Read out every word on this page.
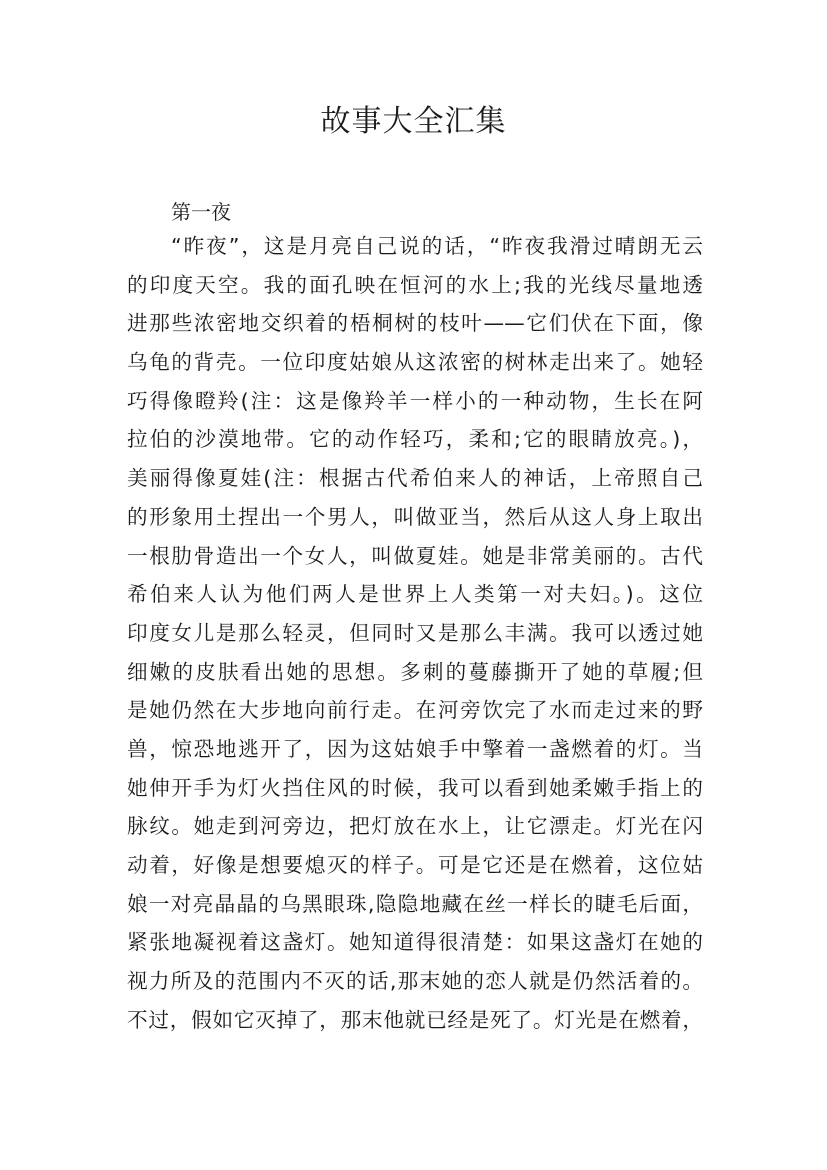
故事大全汇集
第一夜
“昨夜”，这是月亮自己说的话，“昨夜我滑过晴朗无云
的印度天空。我的面孔映在恒河的水上;我的光线尽量地透
进那些浓密地交织着的梧桐树的枝叶——它们伏在下面，像
乌龟的背壳。一位印度姑娘从这浓密的树林走出来了。她轻
巧得像瞪羚(注：这是像羚羊一样小的一种动物，生长在阿
拉伯的沙漠地带。它的动作轻巧，柔和;它的眼睛放亮。)，
美丽得像夏娃(注：根据古代希伯来人的神话，上帝照自己
的形象用土捏出一个男人，叫做亚当，然后从这人身上取出
一根肋骨造出一个女人，叫做夏娃。她是非常美丽的。古代
希伯来人认为他们两人是世界上人类第一对夫妇。)。这位
印度女儿是那么轻灵，但同时又是那么丰满。我可以透过她
细嫩的皮肤看出她的思想。多刺的蔓藤撕开了她的草履;但
是她仍然在大步地向前行走。在河旁饮完了水而走过来的野
兽，惊恐地逃开了，因为这姑娘手中擎着一盏燃着的灯。当
她伸开手为灯火挡住风的时候，我可以看到她柔嫩手指上的
脉纹。她走到河旁边，把灯放在水上，让它漂走。灯光在闪
动着，好像是想要熄灭的样子。可是它还是在燃着，这位姑
娘一对亮晶晶的乌黑眼珠,隐隐地藏在丝一样长的睫毛后面，
紧张地凝视着这盏灯。她知道得很清楚：如果这盏灯在她的
视力所及的范围内不灭的话,那末她的恋人就是仍然活着的。
不过，假如它灭掉了，那末他就已经是死了。灯光是在燃着，
